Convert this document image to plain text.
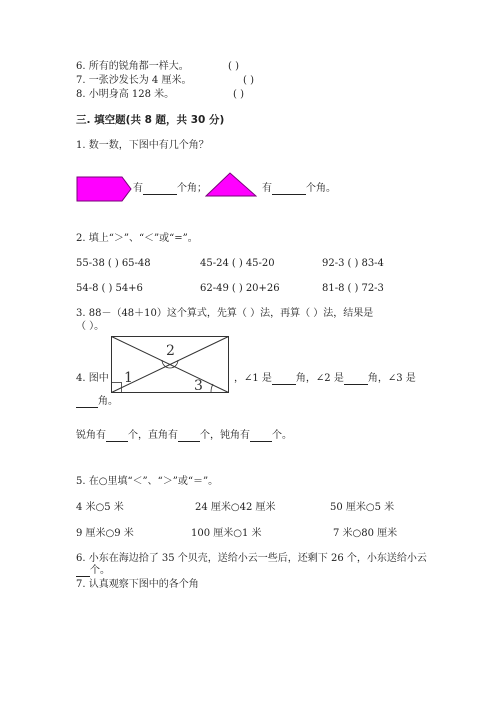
6. 所有的锐角都一样大。	( )
7. 一张沙发长为 4 厘米。	( )
8. 小明身高 128 米。	( )
三. 填空题(共 8 题，共 30 分)
1. 数一数，下图中有几个角？
有	个角；	有	个角。
2. 填上“＞”、“＜”或“=”。
55-38 ( ) 65-48	45-24 ( ) 45-20	92-3 ( ) 83-4
54-8 ( ) 54+6	62-49 ( ) 20+26	81-8 ( ) 72-3
3. 88－（48＋10）这个算式，先算（ ）法，再算（ ）法，结果是
（ ）。
1
2
3
4. 图中	，∠1 是 角，∠2 是 角，∠3 是
角。
锐角有 个，直角有 个，钝角有 个。
5. 在○里填“＜”、“＞”或“＝”。
4 米○5 米	24 厘米○42 厘米	50 厘米○5 米
9 厘米○9 米	100 厘米○1 米	7 米○80 厘米
6. 小东在海边拾了 35 个贝壳，送给小云一些后，还剩下 26 个，小东送给小云
个。
7. 认真观察下图中的各个角
